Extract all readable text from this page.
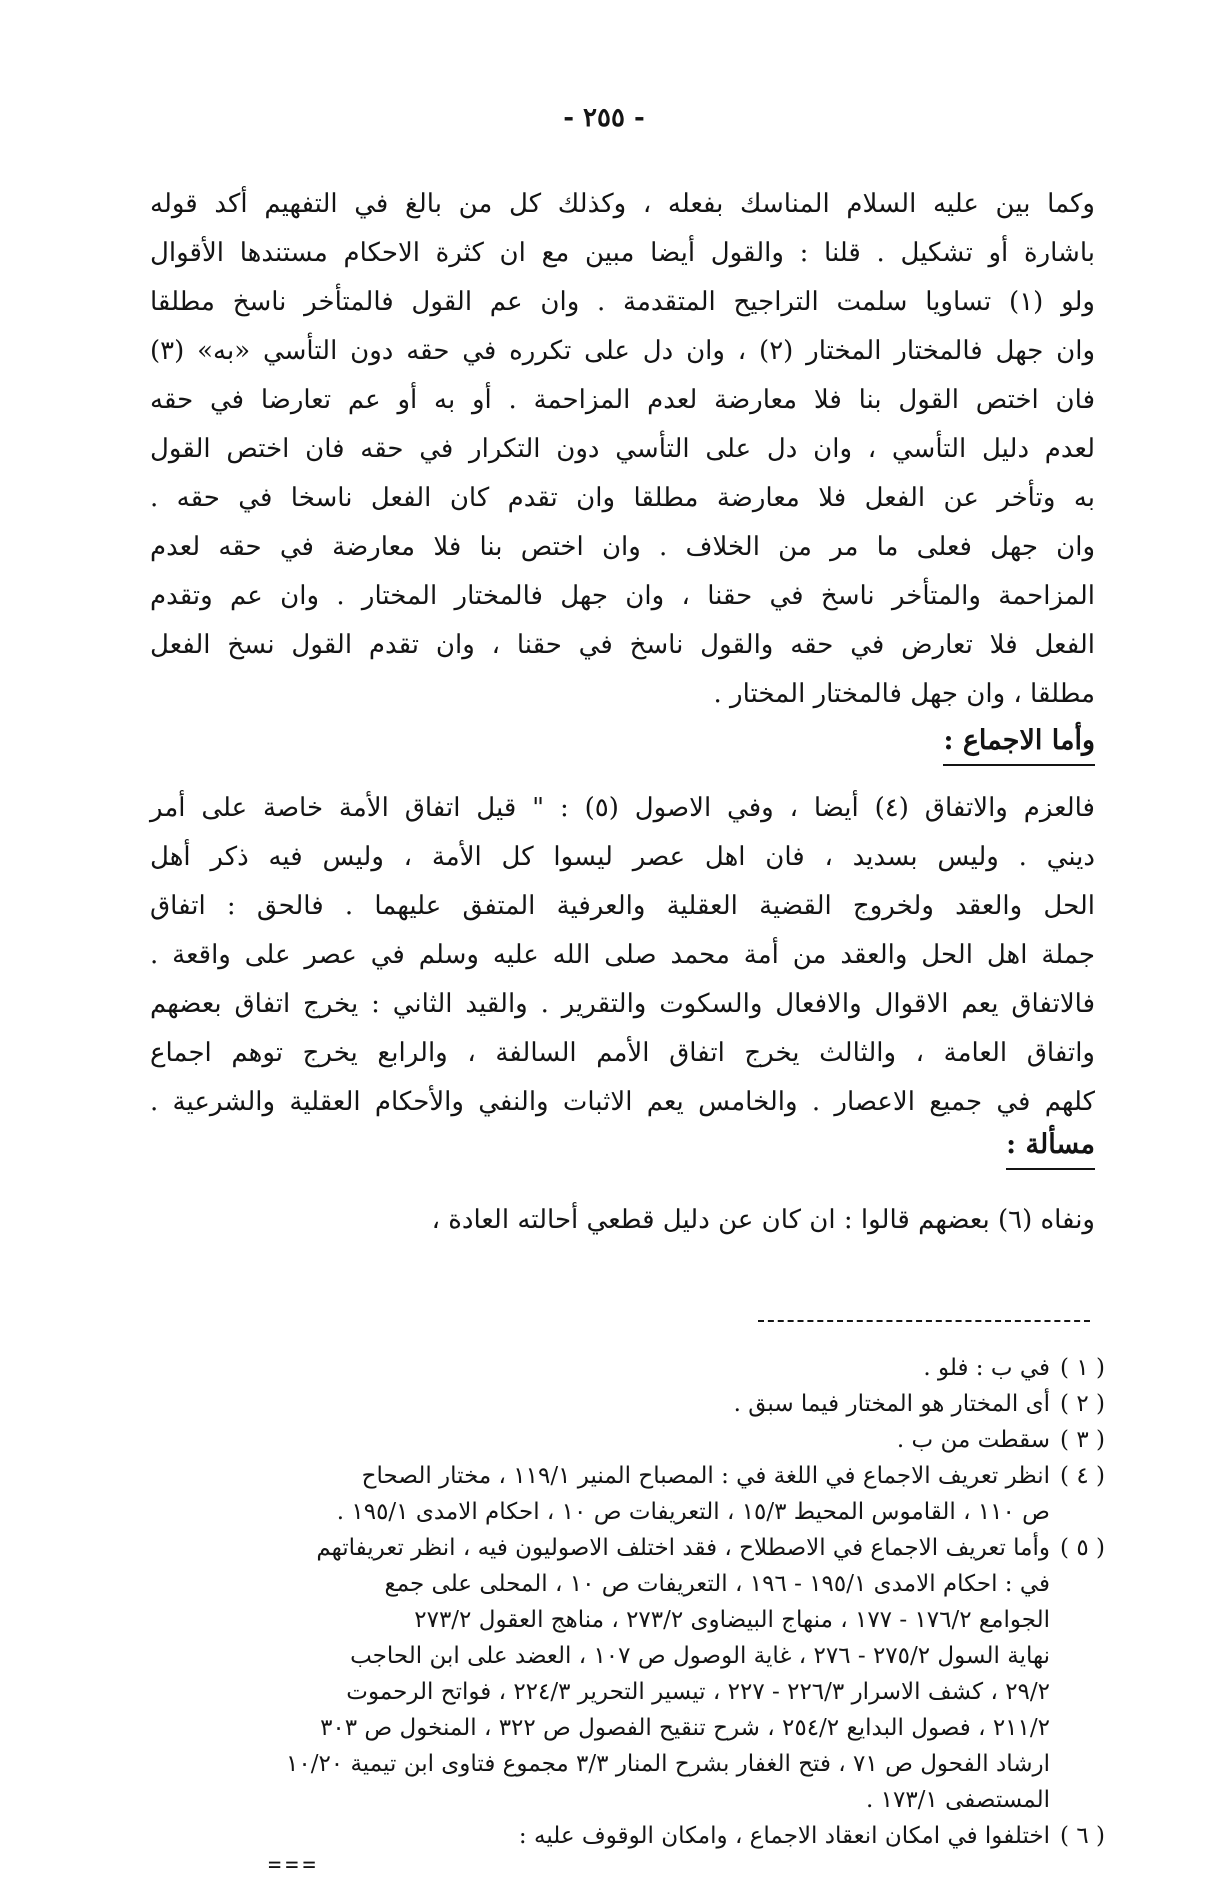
- ٢٥٥ -
وكما بين عليه السلام المناسك بفعله ، وكذلك كل من بالغ في التفهيم أكد قوله
باشارة أو تشكيل . قلنا : والقول أيضا مبين مع ان كثرة الاحكام مستندها الأقوال
ولو (١) تساويا سلمت التراجيح المتقدمة . وان عم القول فالمتأخر ناسخ مطلقا
وان جهل فالمختار المختار (٢) ، وان دل على تكرره في حقه دون التأسي «به» (٣)
فان اختص القول بنا فلا معارضة لعدم المزاحمة . أو به أو عم تعارضا في حقه
لعدم دليل التأسي ، وان دل على التأسي دون التكرار في حقه فان اختص القول
به وتأخر عن الفعل فلا معارضة مطلقا وان تقدم كان الفعل ناسخا في حقه .
وان جهل فعلى ما مر من الخلاف . وان اختص بنا فلا معارضة في حقه لعدم
المزاحمة والمتأخر ناسخ في حقنا ، وان جهل فالمختار المختار . وان عم وتقدم
الفعل فلا تعارض في حقه والقول ناسخ في حقنا ، وان تقدم القول نسخ الفعل
مطلقا ، وان جهل فالمختار المختار .
وأما الاجماع :
فالعزم والاتفاق (٤) أيضا ، وفي الاصول (٥) : " قيل اتفاق الأمة خاصة على أمر
ديني . وليس بسديد ، فان اهل عصر ليسوا كل الأمة ، وليس فيه ذكر أهل
الحل والعقد ولخروج القضية العقلية والعرفية المتفق عليهما . فالحق : اتفاق
جملة اهل الحل والعقد من أمة محمد صلى الله عليه وسلم في عصر على واقعة .
فالاتفاق يعم الاقوال والافعال والسكوت والتقرير . والقيد الثاني : يخرج اتفاق بعضهم
واتفاق العامة ، والثالث يخرج اتفاق الأمم السالفة ، والرابع يخرج توهم اجماع
كلهم في جميع الاعصار . والخامس يعم الاثبات والنفي والأحكام العقلية والشرعية .
مسألة :
ونفاه (٦) بعضهم قالوا : ان كان عن دليل قطعي أحالته العادة ،
( ١ )
في ب : فلو .
( ٢ )
أى المختار هو المختار فيما سبق .
( ٣ )
سقطت من ب .
( ٤ )
انظر تعريف الاجماع في اللغة في : المصباح المنير ١١٩/١ ، مختار الصحاح
ص ١١٠ ، القاموس المحيط ١٥/٣ ، التعريفات ص ١٠ ، احكام الامدى ١٩٥/١ .
( ٥ )
وأما تعريف الاجماع في الاصطلاح ، فقد اختلف الاصوليون فيه ، انظر تعريفاتهم
في : احكام الامدى ١٩٥/١ - ١٩٦ ، التعريفات ص ١٠ ، المحلى على جمع
الجوامع ١٧٦/٢ - ١٧٧ ، منهاج البيضاوى ٢٧٣/٢ ، مناهج العقول ٢٧٣/٢
نهاية السول ٢٧٥/٢ - ٢٧٦ ، غاية الوصول ص ١٠٧ ، العضد على ابن الحاجب
٢٩/٢ ، كشف الاسرار ٢٢٦/٣ - ٢٢٧ ، تيسير التحرير ٢٢٤/٣ ، فواتح الرحموت
٢١١/٢ ، فصول البدايع ٢٥٤/٢ ، شرح تنقيح الفصول ص ٣٢٢ ، المنخول ص ٣٠٣
ارشاد الفحول ص ٧١ ، فتح الغفار بشرح المنار ٣/٣ مجموع فتاوى ابن تيمية ١٠/٢٠
المستصفى ١٧٣/١ .
( ٦ )
اختلفوا في امكان انعقاد الاجماع ، وامكان الوقوف عليه :
===
